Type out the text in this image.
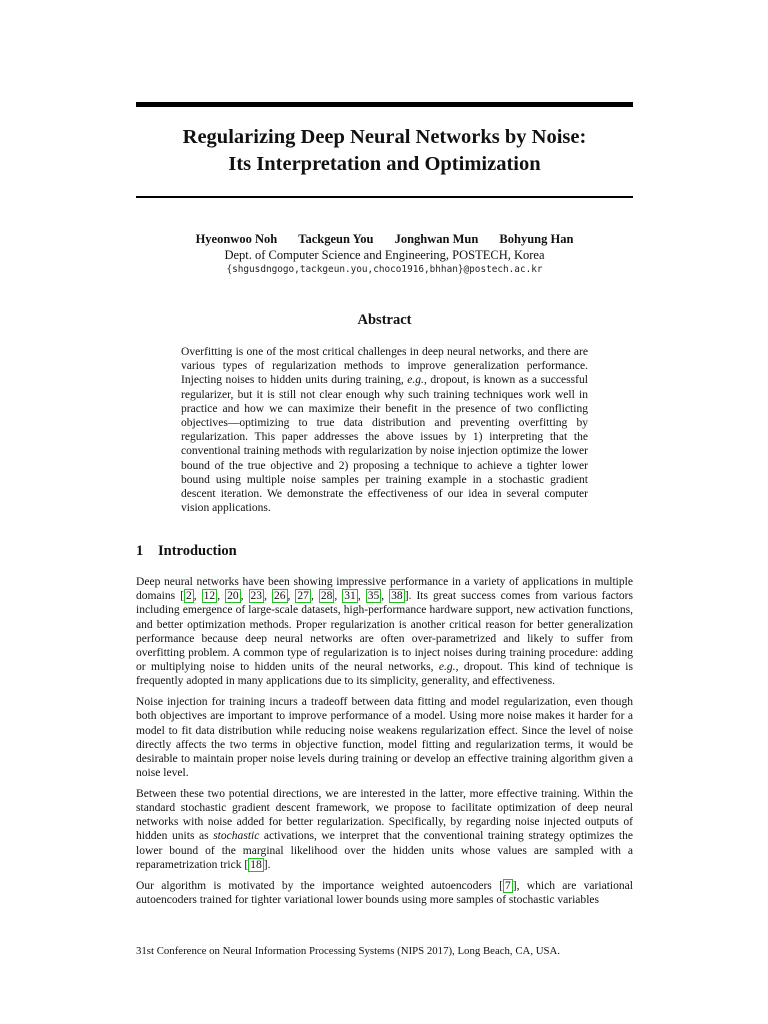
Regularizing Deep Neural Networks by Noise:
Its Interpretation and Optimization
Hyeonwoo Noh Tackgeun You Jonghwan Mun Bohyung Han
Dept. of Computer Science and Engineering, POSTECH, Korea
{shgusdngogo,tackgeun.you,choco1916,bhhan}@postech.ac.kr
Abstract

Overfitting is one of the most critical challenges in deep neural networks, and there are various types of regularization methods to improve generalization performance. Injecting noises to hidden units during training, e.g., dropout, is known as a successful regularizer, but it is still not clear enough why such training techniques work well in practice and how we can maximize their benefit in the presence of two conflicting objectives—optimizing to true data distribution and preventing overfitting by regularization. This paper addresses the above issues by 1) interpreting that the conventional training methods with regularization by noise injection optimize the lower bound of the true objective and 2) proposing a technique to achieve a tighter lower bound using multiple noise samples per training example in a stochastic gradient descent iteration. We demonstrate the effectiveness of our idea in several computer vision applications.

1 Introduction

Deep neural networks have been showing impressive performance in a variety of applications in multiple domains [ 2 , 12 , 20 , 23 , 26 , 27 , 28 , 31 , 35 , 38 ]. Its great success comes from various factors including emergence of large-scale datasets, high-performance hardware support, new activation functions, and better optimization methods. Proper regularization is another critical reason for better generalization performance because deep neural networks are often over-parametrized and likely to suffer from overfitting problem. A common type of regularization is to inject noises during training procedure: adding or multiplying noise to hidden units of the neural networks, e.g., dropout. This kind of technique is frequently adopted in many applications due to its simplicity, generality, and effectiveness.

Noise injection for training incurs a tradeoff between data fitting and model regularization, even though both objectives are important to improve performance of a model. Using more noise makes it harder for a model to fit data distribution while reducing noise weakens regularization effect. Since the level of noise directly affects the two terms in objective function, model fitting and regularization terms, it would be desirable to maintain proper noise levels during training or develop an effective training algorithm given a noise level.

Between these two potential directions, we are interested in the latter, more effective training. Within the standard stochastic gradient descent framework, we propose to facilitate optimization of deep neural networks with noise added for better regularization. Specifically, by regarding noise injected outputs of hidden units as stochastic activations, we interpret that the conventional training strategy optimizes the lower bound of the marginal likelihood over the hidden units whose values are sampled with a reparametrization trick [ 18 ].

Our algorithm is motivated by the importance weighted autoencoders [ 7 ], which are variational autoencoders trained for tighter variational lower bounds using more samples of stochastic variables

31st Conference on Neural Information Processing Systems (NIPS 2017), Long Beach, CA, USA.
